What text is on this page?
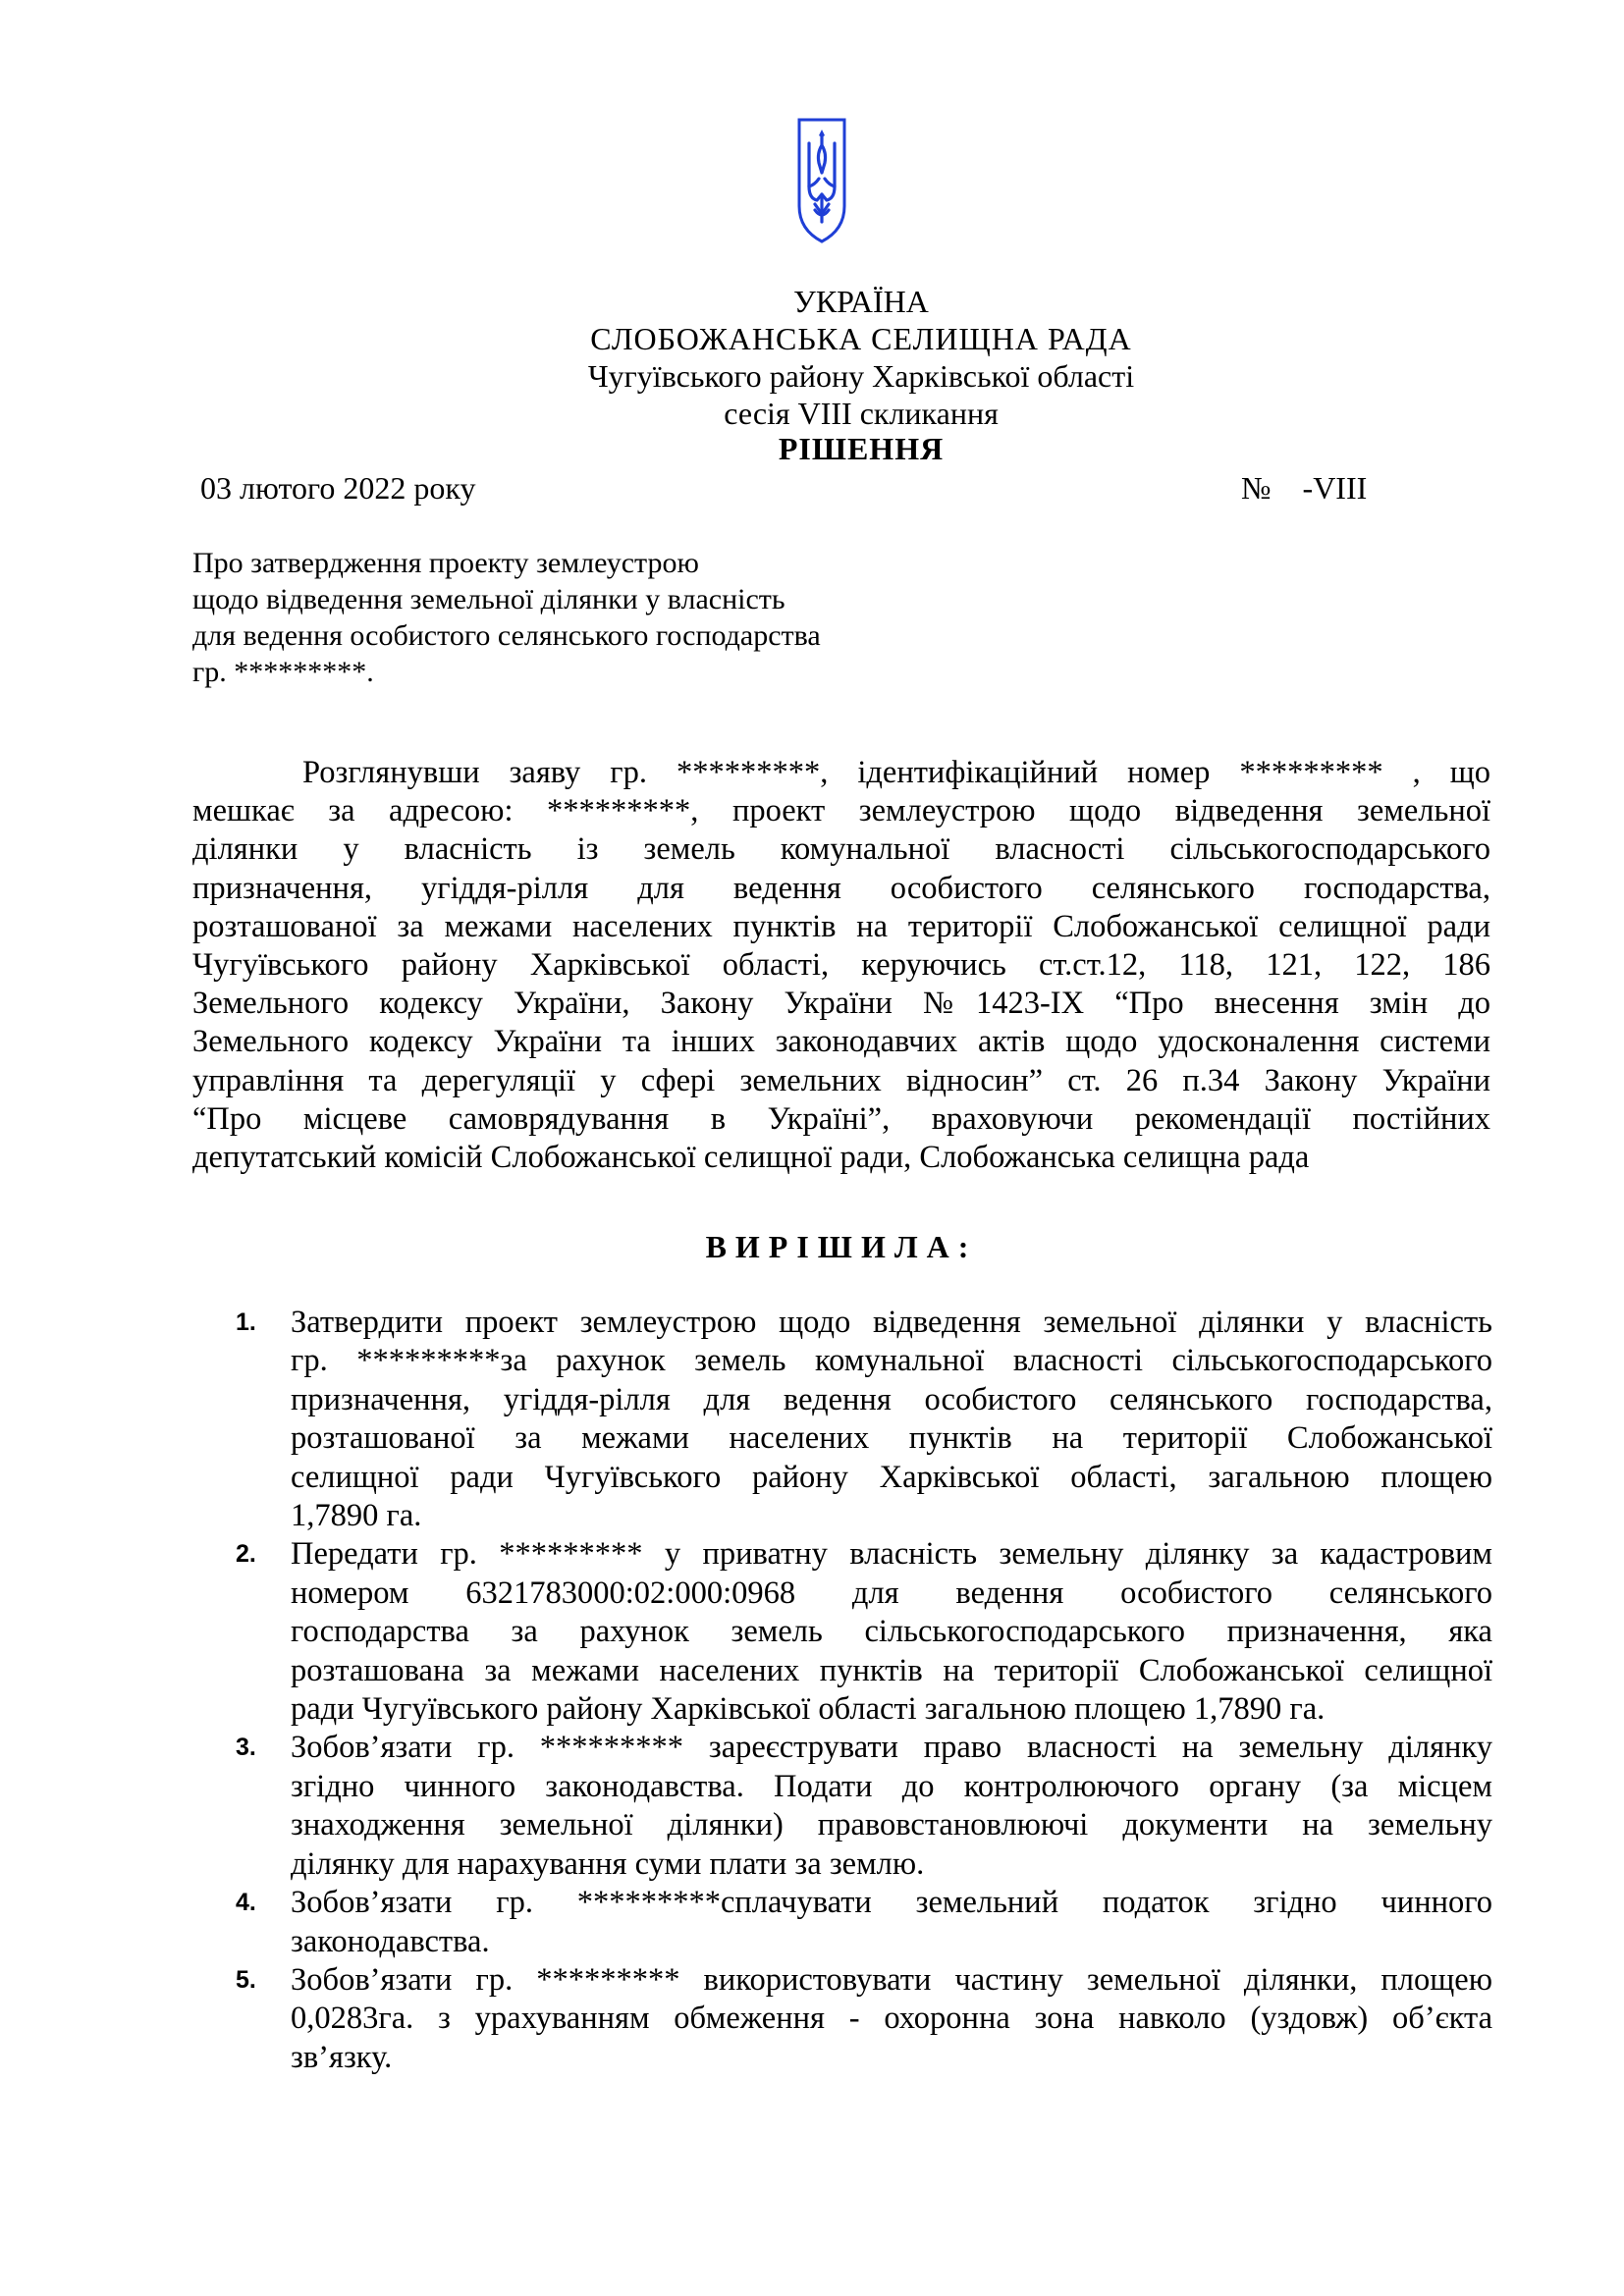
УКРАЇНА
СЛОБОЖАНСЬКА СЕЛИЩНА РАДА
Чугуївського району Харківської області
сесія VIII скликання
РІШЕННЯ
03 лютого 2022 року	№    -VIII
Про затвердження проекту землеустрою
щодо відведення земельної ділянки у власність
для ведення особистого селянського господарства
гр. *********.
Розглянувши заяву гр. *********, ідентифікаційний номер ********* , що
мешкає за адресою: *********, проект землеустрою щодо відведення земельної
ділянки у власність із земель комунальної власності сільськогосподарського
призначення, угіддя-рілля для ведення особистого селянського господарства,
розташованої за межами населених пунктів на території Слобожанської селищної ради
Чугуївського району Харківської області, керуючись ст.ст.12, 118, 121, 122, 186
Земельного кодексу України, Закону України №1423-IX “Про внесення змін до
Земельного кодексу України та інших законодавчих актів щодо удосконалення системи
управління та дерегуляції у сфері земельних відносин” ст. 26 п.34 Закону України
“Про місцеве самоврядування в Україні”, враховуючи рекомендації постійних
депутатський комісій Слобожанської селищної ради, Слобожанська селищна рада
ВИРІШИЛА:
1. Затвердити проект землеустрою щодо відведення земельної ділянки у власність
гр. *********за рахунок земель комунальної власності сільськогосподарського
призначення, угіддя-рілля для ведення особистого селянського господарства,
розташованої за межами населених пунктів на території Слобожанської
селищної ради Чугуївського району Харківської області, загальною площею
1,7890 га.
2. Передати гр. ********* у приватну власність земельну ділянку за кадастровим
номером 6321783000:02:000:0968 для ведення особистого селянського
господарства за рахунок земель сільськогосподарського призначення, яка
розташована за межами населених пунктів на території Слобожанської селищної
ради Чугуївського району Харківської області загальною площею 1,7890 га.
3. Зобов’язати гр. ********* зареєструвати право власності на земельну ділянку
згідно чинного законодавства. Подати до контролюючого органу (за місцем
знаходження земельної ділянки) правовстановлюючі документи на земельну
ділянку для нарахування суми плати за землю.
4. Зобов’язати гр. *********сплачувати земельний податок згідно чинного
законодавства.
5. Зобов’язати гр. ********* використовувати частину земельної ділянки, площею
0,0283га. з урахуванням обмеження - охоронна зона навколо (уздовж) об’єкта
зв’язку.
